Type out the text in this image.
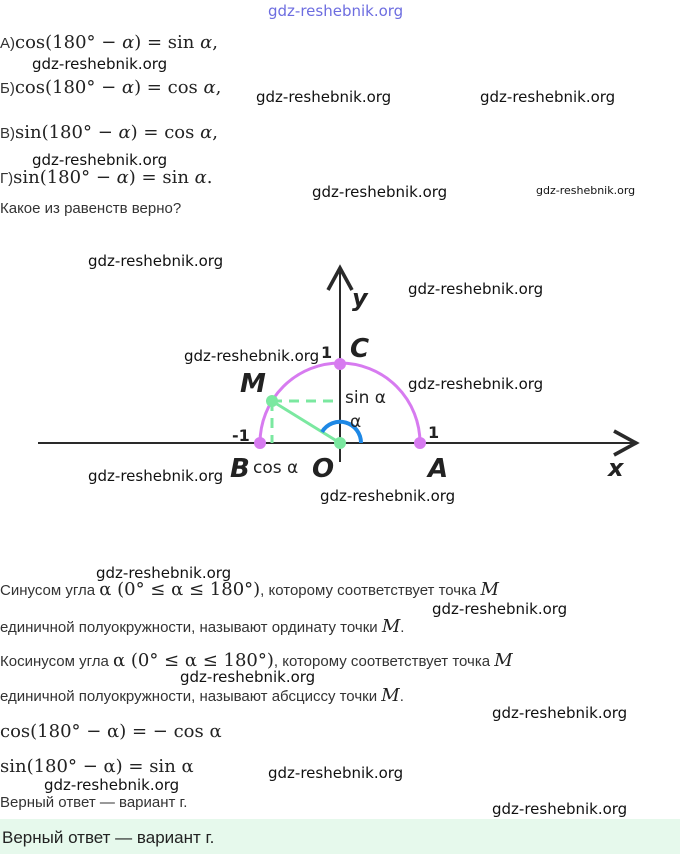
gdz-reshebnik.org
А)cos(180° − α) = sin α,
gdz-reshebnik.org
Б)cos(180° − α) = cos α, gdz-reshebnik.org	gdz-reshebnik.org
В)sin(180° − α) = cos α,
gdz-reshebnik.org
Г)sin(180° − α) = sin α.
gdz-reshebnik.org	gdz-reshebnik.org
Какое из равенств верно?
gdz-reshebnik.org
gdz-reshebnik.org
y
x
C
1
M	sin α
α
-1	1
B cos α O	A
gdz-reshebnik.org
gdz-reshebnik.org
gdz-reshebnik.org
gdz-reshebnik.org
gdz-reshebnik.org
Синусом угла α (0° ≤ α ≤ 180°), которому соответствует точка M
gdz-reshebnik.org
единичной полуокружности, называют ординату точки M.
Косинусом угла α (0° ≤ α ≤ 180°), которому соответствует точка M
gdz-reshebnik.org
единичной полуокружности, называют абсциссу точки M.
gdz-reshebnik.org
cos(180° − α) = − cos α
sin(180° − α) = sin α	gdz-reshebnik.org
gdz-reshebnik.org
Верный ответ — вариант г.	gdz-reshebnik.org
Верный ответ — вариант г.
